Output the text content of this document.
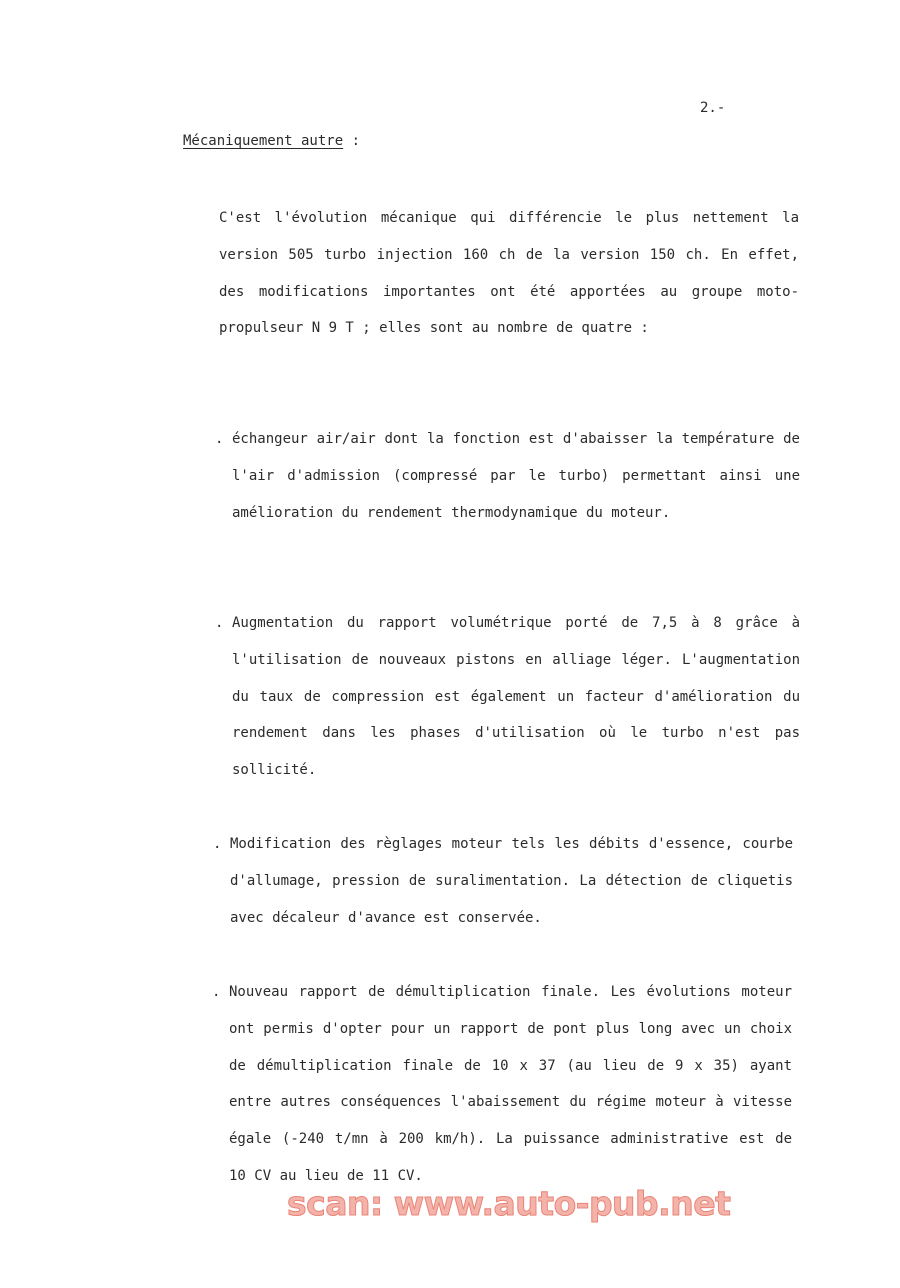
2.-
Mécaniquement autre :

C'est l'évolution mécanique qui différencie le plus nettement la version 505 turbo injection 160 ch de la version 150 ch. En effet, des modifications importantes ont été apportées au groupe moto-propulseur N 9 T ; elles sont au nombre de quatre :

. échangeur air/air dont la fonction est d'abaisser la température de l'air d'admission (compressé par le turbo) permettant ainsi une amélioration du rendement thermodynamique du moteur.
. Augmentation du rapport volumétrique porté de 7,5 à 8 grâce à l'utilisation de nouveaux pistons en alliage léger. L'augmentation du taux de compression est également un facteur d'amélioration du rendement dans les phases d'utilisation où le turbo n'est pas sollicité.
. Modification des règlages moteur tels les débits d'essence, courbe d'allumage, pression de suralimentation. La détection de cliquetis avec décaleur d'avance est conservée.
. Nouveau rapport de démultiplication finale. Les évolutions moteur ont permis d'opter pour un rapport de pont plus long avec un choix de démultiplication finale de 10 x 37 (au lieu de 9 x 35) ayant entre autres conséquences l'abaissement du régime moteur à vitesse égale (-240 t/mn à 200 km/h). La puissance administrative est de 10 CV au lieu de 11 CV.
scan: www.auto-pub.net
